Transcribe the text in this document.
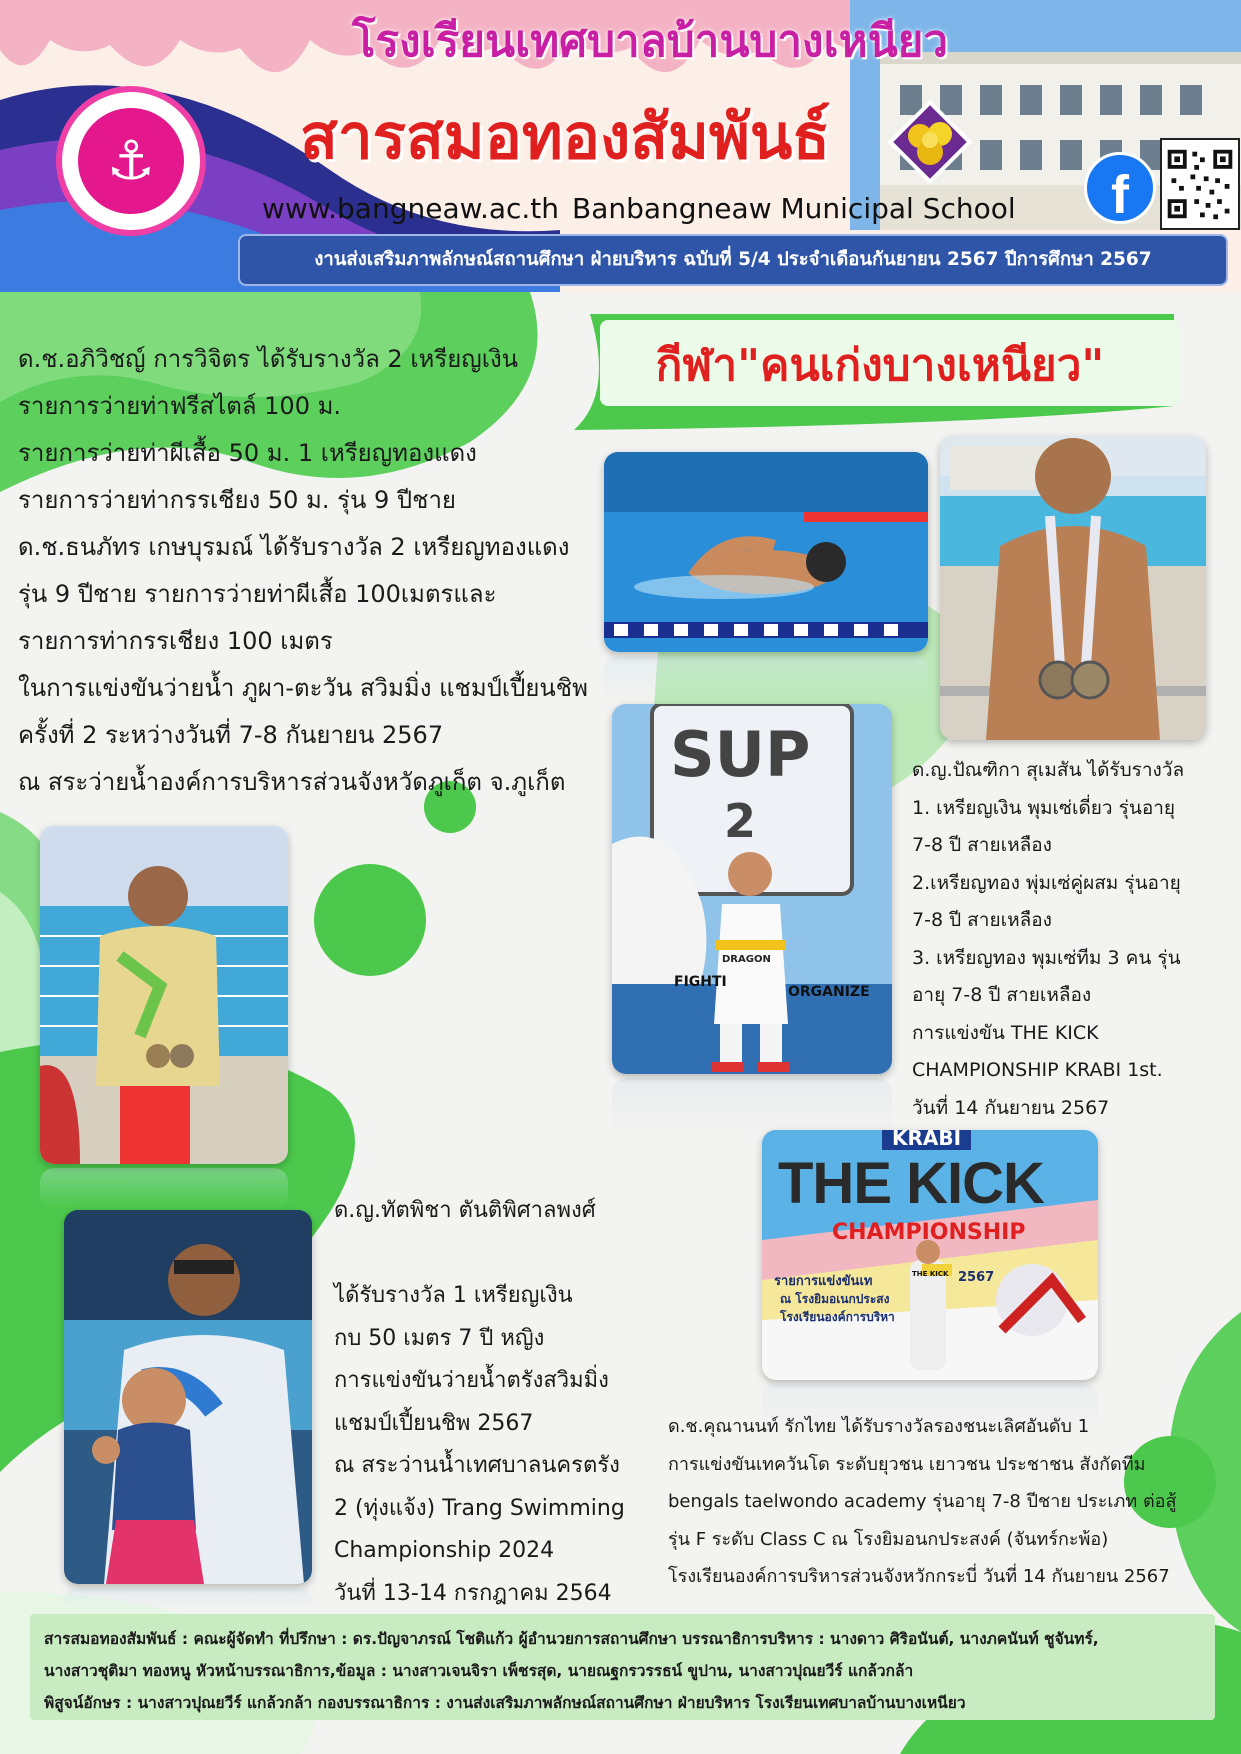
โรงเรียนเทศบาลบ้านบางเหนียว
สารสมอทองสัมพันธ์
⚓
www.bangneaw.ac.th Banbangneaw Municipal School	f
งานส่งเสริมภาพลักษณ์สถานศึกษา ฝ่ายบริหาร ฉบับที่ 5/4 ประจำเดือนกันยายน 2567 ปีการศึกษา 2567
กีฬา"คนเก่งบางเหนียว"
ด.ช.อภิวิชญ์ การวิจิตร ได้รับรางวัล 2 เหรียญเงิน
รายการว่ายท่าฟรีสไตล์ 100 ม.
รายการว่ายท่าผีเสื้อ 50 ม. 1 เหรียญทองแดง
รายการว่ายท่ากรรเชียง 50 ม. รุ่น 9 ปีชาย
ด.ช.ธนภัทร เกษบุรมณ์ ได้รับรางวัล 2 เหรียญทองแดง
รุ่น 9 ปีชาย รายการว่ายท่าผีเสื้อ 100เมตรและ
รายการท่ากรรเชียง 100 เมตร
ในการแข่งขันว่ายน้ำ ภูผา-ตะวัน สวิมมิ่ง แชมป์เปี้ยนชิพ
ครั้งที่ 2 ระหว่างวันที่ 7-8 กันยายน 2567
ณ สระว่ายน้ำองค์การบริหารส่วนจังหวัดภูเก็ต จ.ภูเก็ต	SUP
2
DRAGON
FIGHTI
ORGANIZE
KRABI
THE KICK
CHAMPIONSHIP
รายการแข่งขันเท	2567
ณ โรงยิมอเนกประสง
โรงเรียนองค์การบริหา
THE KICK
ด.ญ.ปัณฑิกา สุเมสัน ได้รับรางวัล
1. เหรียญเงิน พุมเซ่เดี่ยว รุ่นอายุ
7-8 ปี สายเหลือง
2.เหรียญทอง พุ่มเซ่คู่ผสม รุ่นอายุ
7-8 ปี สายเหลือง
3. เหรียญทอง พุมเซ่ทีม 3 คน รุ่น
อายุ 7-8 ปี สายเหลือง
การแข่งขัน THE KICK
CHAMPIONSHIP KRABI 1st.
วันที่ 14 กันยายน 2567
ด.ญ.ทัตพิชา ตันติพิศาลพงศ์
ได้รับรางวัล 1 เหรียญเงิน
กบ 50 เมตร 7 ปี หญิง
การแข่งขันว่ายน้ำตรังสวิมมิ่ง
แชมป์เปี้ยนชิพ 2567
ณ สระว่านน้ำเทศบาลนครตรัง
2 (ทุ่งแจ้ง) Trang Swimming
Championship 2024
วันที่ 13-14 กรกฎาคม 2564
ด.ช.คุณานนท์ รักไทย ได้รับรางวัลรองชนะเลิศอันดับ 1
การแข่งขันเทควันโด ระดับยุวชน เยาวชน ประชาชน สังกัดทีม
bengals taelwondo academy รุ่นอายุ 7-8 ปีชาย ประเภท ต่อสู้
รุ่น F ระดับ Class C ณ โรงยิมอนกประสงค์ (จันทร์กะพ้อ)
โรงเรียนองค์การบริหารส่วนจังหวักกระบี่ วันที่ 14 กันยายน 2567
สารสมอทองสัมพันธ์ : คณะผู้จัดทำ ที่ปรึกษา : ดร.ปัญจาภรณ์ โชติแก้ว ผู้อำนวยการสถานศึกษา บรรณาธิการบริหาร : นางดาว ศิริอนันต์, นางภคนันท์ ชูจันทร์,
นางสาวชุติมา ทองหนู หัวหน้าบรรณาธิการ,ข้อมูล : นางสาวเจนจิรา เพ็ชรสุด, นายณฐกรวรรธน์ ขูปาน, นางสาวปุณยวีร์ แกล้วกล้า
พิสูจน์อักษร : นางสาวปุณยวีร์ แกล้วกล้า กองบรรณาธิการ : งานส่งเสริมภาพลักษณ์สถานศึกษา ฝ่ายบริหาร โรงเรียนเทศบาลบ้านบางเหนียว
